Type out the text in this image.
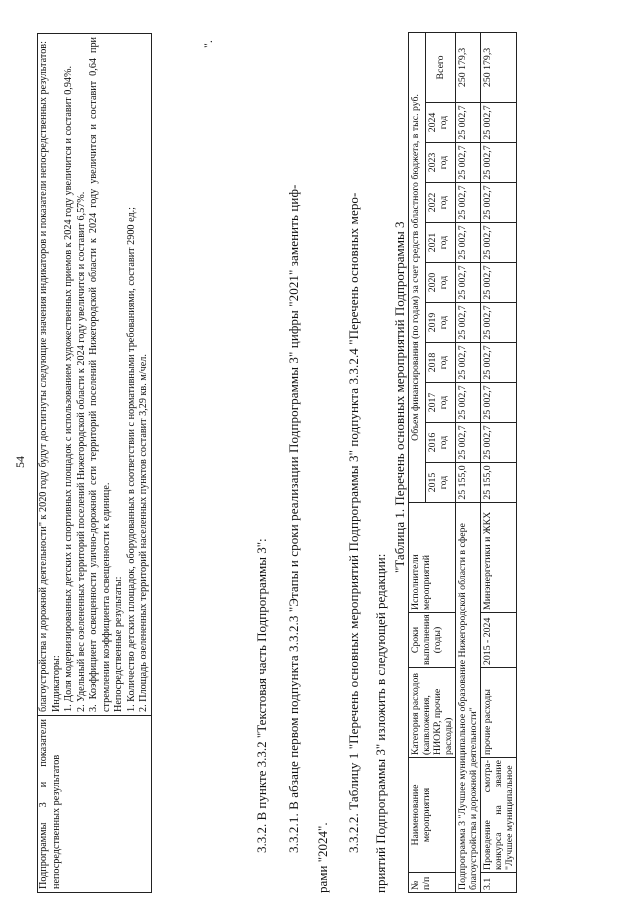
54
Подпрограммы 3 и показатели непосредственных результатов	
благоустройства и дорожной деятельности" к 2020 году будут достигнуты следующие значения индикаторов и показатели непосредственных результатов: Индикаторы: 1. Доля модернизированных детских и спортивных площадок с использованием художественных приемов к 2024 году увеличится и составит 0,94%. 2. Удельный вес озелененных территорий поселений Нижегородской области к 2024 году увеличится и составит 6,57%. 3. Коэффициент освещенности улично-дорожной сети территорий поселений Нижегородской области к 2024 году увеличится и составит 0,64 при стремлении коэффициента освещенности к единице. Непосредственные результаты: 1. Количество детских площадок, оборудованных в соответствии с нормативными требованиями, составит 2900 ед.; 2. Площадь озелененных территорий населенных пунктов составит 3,29 кв. м/чел.
".
3.3.2. В пункте 3.3.2 "Текстовая часть Подпрограммы 3": 3.3.2.1. В абзаце первом подпункта 3.3.2.3 "Этапы и сроки реализации Подпрограммы 3" цифры "2021" заменить циф-
рами "2024".
3.3.2.2. Таблицу 1 "Перечень основных мероприятий Подпрограммы 3" подпункта 3.3.2.4 "Перечень основных меро- приятий Подпрограммы 3" изложить в следующей редакции:
"Таблица 1. Перечень основных мероприятий Подпрограммы 3
№ п/п	Наименование мероприятия	Категория расходов (капвложения, НИОКР, прочие расходы)	Сроки выполнения (годы)	Исполнители мероприятий	Объем финансирования (по годам) за счет средств областного бюджета, в тыс. руб.										
					2015 год	2016 год	2017 год	2018 год	2019 год	2020 год	2021 год	2022 год	2023 год	2024 год	Всего
Подпрограмма 3 "Лучшее муниципальное образование Нижегородской области в сфере благоустройства и дорожной деятельности"					25 155,0	25 002,7	25 002,7	25 002,7	25 002,7	25 002,7	25 002,7	25 002,7	25 002,7	25 002,7	250 179,3
3.1	Проведение смотра-конкурса на звание "Лучшее муниципальное	прочие расходы	2015 - 2024	Минэнергетики и ЖКХ	25 155,0	25 002,7	25 002,7	25 002,7	25 002,7	25 002,7	25 002,7	25 002,7	25 002,7	25 002,7	250 179,3
